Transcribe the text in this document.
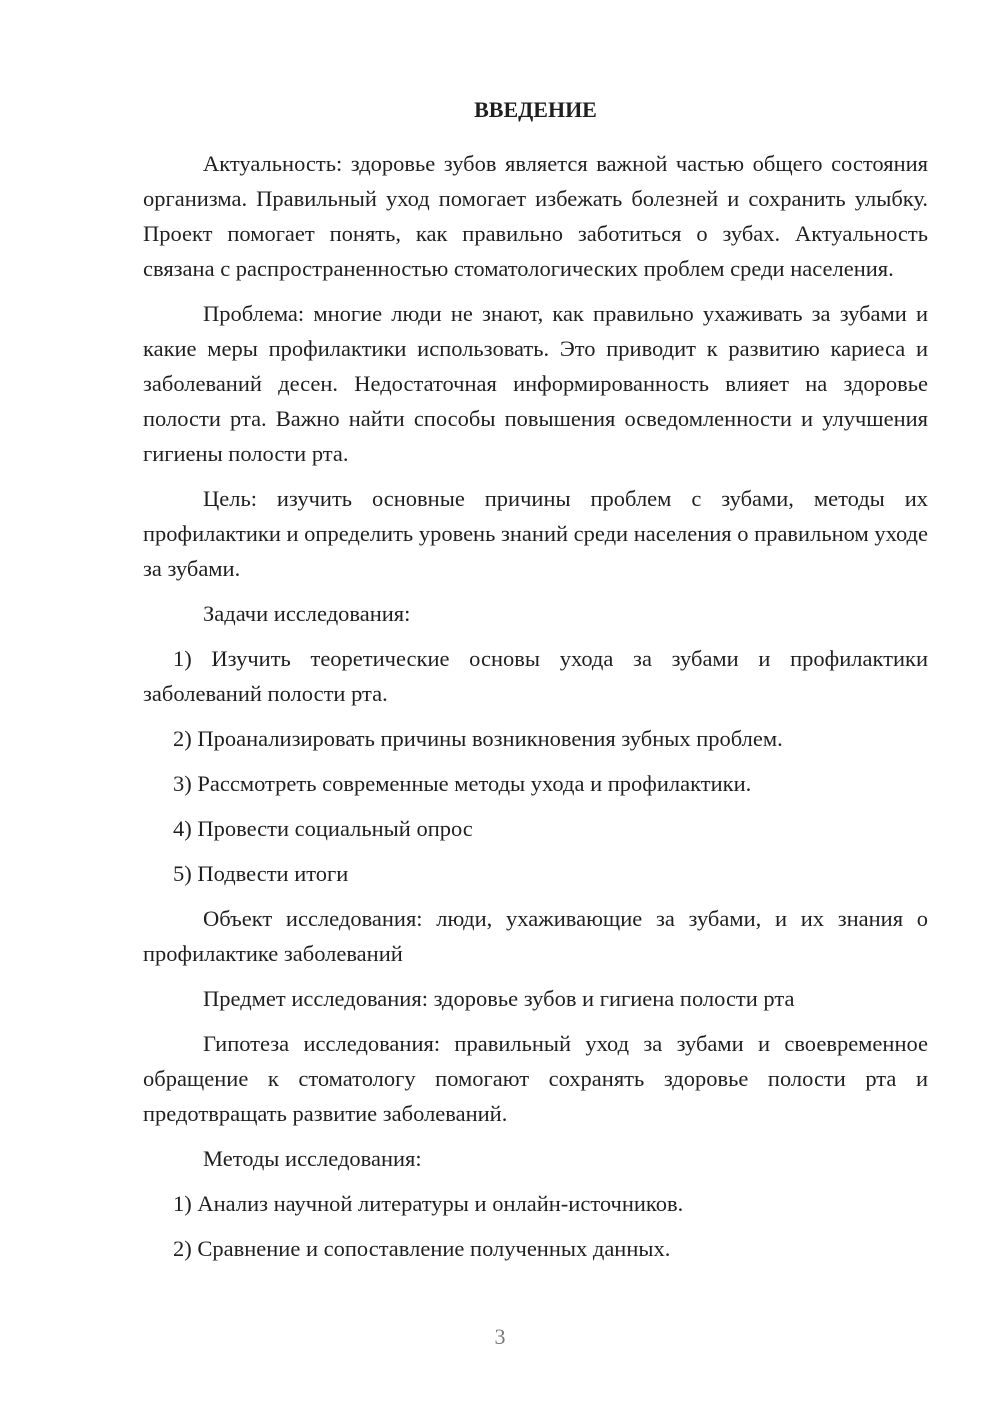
ВВЕДЕНИЕ

Актуальность: здоровье зубов является важной частью общего состояния организма. Правильный уход помогает избежать болезней и сохранить улыбку. Проект помогает понять, как правильно заботиться о зубах. Актуальность связана с распространенностью стоматологических проблем среди населения.

Проблема: многие люди не знают, как правильно ухаживать за зубами и какие меры профилактики использовать. Это приводит к развитию кариеса и заболеваний десен. Недостаточная информированность влияет на здоровье полости рта. Важно найти способы повышения осведомленности и улучшения гигиены полости рта.

Цель: изучить основные причины проблем с зубами, методы их профилактики и определить уровень знаний среди населения о правильном уходе за зубами.

Задачи исследования:

1) Изучить теоретические основы ухода за зубами и профилактики заболеваний полости рта.

2) Проанализировать причины возникновения зубных проблем.

3) Рассмотреть современные методы ухода и профилактики.

4) Провести социальный опрос

5) Подвести итоги

Объект исследования: люди, ухаживающие за зубами, и их знания о профилактике заболеваний

Предмет исследования: здоровье зубов и гигиена полости рта

Гипотеза исследования: правильный уход за зубами и своевременное обращение к стоматологу помогают сохранять здоровье полости рта и предотвращать развитие заболеваний.

Методы исследования:

1) Анализ научной литературы и онлайн-источников.

2) Сравнение и сопоставление полученных данных.

3
